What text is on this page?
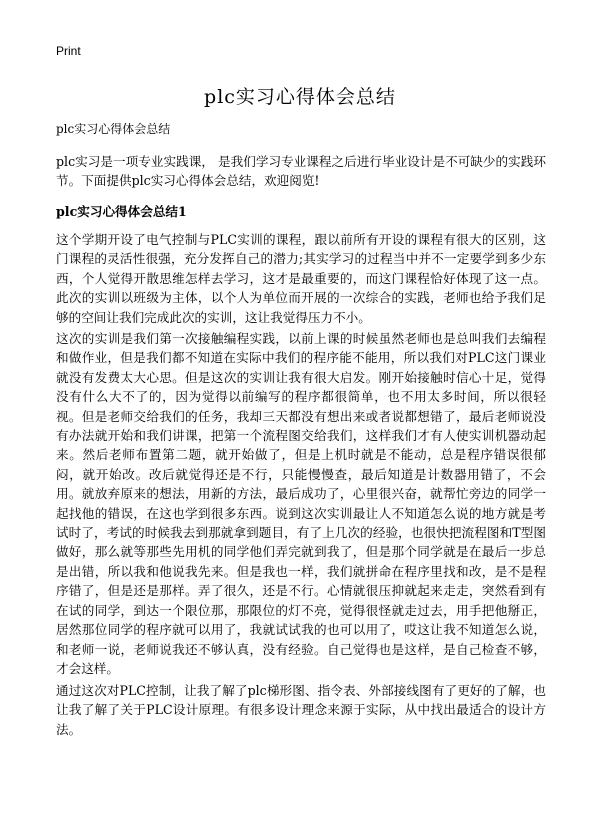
Print
plc实习心得体会总结
plc实习心得体会总结

plc实习是一项专业实践课， 是我们学习专业课程之后进行毕业设计是不可缺少的实践环节。下面提供plc实习心得体会总结，欢迎阅览!

plc实习心得体会总结1

这个学期开设了电气控制与PLC实训的课程，跟以前所有开设的课程有很大的区别，这门课程的灵活性很强，充分发挥自己的潜力;其实学习的过程当中并不一定要学到多少东西，个人觉得开散思维怎样去学习，这才是最重要的，而这门课程恰好体现了这一点。此次的实训以班级为主体，以个人为单位而开展的一次综合的实践，老师也给予我们足够的空间让我们完成此次的实训，这让我觉得压力不小。

这次的实训是我们第一次接触编程实践，以前上课的时候虽然老师也是总叫我们去编程和做作业，但是我们都不知道在实际中我们的程序能不能用，所以我们对PLC这门课业就没有发费太大心思。但是这次的实训让我有很大启发。刚开始接触时信心十足，觉得没有什么大不了的，因为觉得以前编写的程序都很简单，也不用太多时间，所以很轻视。但是老师交给我们的任务，我却三天都没有想出来或者说都想错了，最后老师说没有办法就开始和我们讲课，把第一个流程图交给我们，这样我们才有人使实训机器动起来。然后老师布置第二题，就开始做了，但是上机时就是不能动，总是程序错误很郁闷，就开始改。改后就觉得还是不行，只能慢慢查，最后知道是计数器用错了，不会用。就放弃原来的想法，用新的方法，最后成功了，心里很兴奋，就帮忙旁边的同学一起找他的错误，在这也学到很多东西。说到这次实训最让人不知道怎么说的地方就是考试时了，考试的时候我去到那就拿到题目，有了上几次的经验，也很快把流程图和T型图做好，那么就等那些先用机的同学他们弄完就到我了，但是那个同学就是在最后一步总是出错，所以我和他说我先来。但是我也一样，我们就拼命在程序里找和改，是不是程序错了，但是还是那样。弄了很久，还是不行。心情就很压抑就起来走走，突然看到有在试的同学，到达一个限位那，那限位的灯不亮，觉得很怪就走过去，用手把他掰正，居然那位同学的程序就可以用了，我就试试我的也可以用了，哎这让我不知道怎么说，和老师一说，老师说我还不够认真，没有经验。自己觉得也是这样，是自己检查不够，才会这样。

通过这次对PLC控制，让我了解了plc梯形图、指令表、外部接线图有了更好的了解，也让我了解了关于PLC设计原理。有很多设计理念来源于实际，从中找出最适合的设计方法。
